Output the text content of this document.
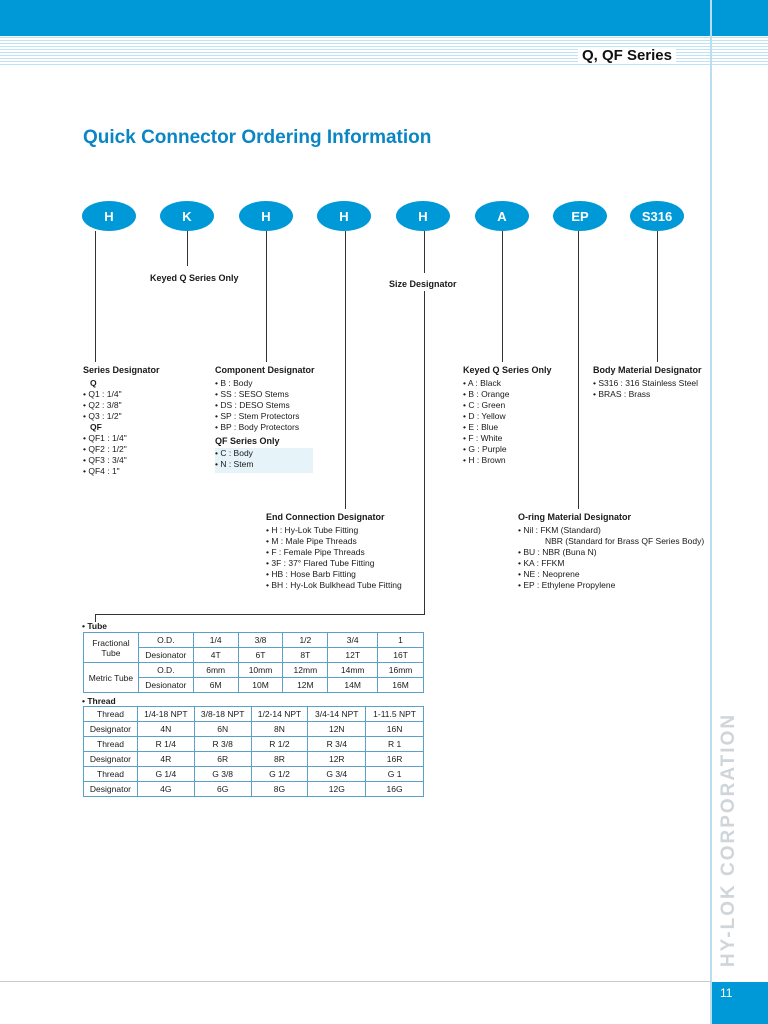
Q, QF Series
HY-LOK CORPORATION
11
Quick Connector Ordering Information
H	K	H	H	H	A	EP	S316
Keyed Q Series Only
Size Designator
Series Designator
Q
• Q1 : 1/4"
• Q2 : 3/8"
• Q3 : 1/2"
QF
• QF1 : 1/4"
• QF2 : 1/2"
• QF3 : 3/4"
• QF4 : 1"
Component Designator
• B : Body
• SS : SESO Stems
• DS : DESO Stems
• SP : Stem Protectors
• BP : Body Protectors
QF Series Only
• C : Body
• N : Stem
Keyed Q Series Only
• A : Black
• B : Orange
• C : Green
• D : Yellow
• E : Blue
• F : White
• G : Purple
• H : Brown
Body Material Designator
• S316 : 316 Stainless Steel
• BRAS : Brass
End Connection Designator
• H : Hy-Lok Tube Fitting
• M : Male Pipe Threads
• F : Female Pipe Threads
• 3F : 37° Flared Tube Fitting
• HB : Hose Barb Fitting
• BH : Hy-Lok Bulkhead Tube Fitting
O-ring Material Designator
• Nil : FKM (Standard)
NBR (Standard for Brass QF Series Body)
• BU : NBR (Buna N)
• KA : FFKM
• NE : Neoprene
• EP : Ethylene Propylene
• Tube
Fractional Tube	O.D.	1/4	3/8	1/2	3/4	1
	Desionator	4T	6T	8T	12T	16T
Metric Tube	O.D.	6mm	10mm	12mm	14mm	16mm
	Desionator	6M	10M	12M	14M	16M
• Thread
Thread	1/4-18 NPT	3/8-18 NPT	1/2-14 NPT	3/4-14 NPT	1-11.5 NPT
Designator	4N	6N	8N	12N	16N
Thread	R 1/4	R 3/8	R 1/2	R 3/4	R 1
Designator	4R	6R	8R	12R	16R
Thread	G 1/4	G 3/8	G 1/2	G 3/4	G 1
Designator	4G	6G	8G	12G	16G
